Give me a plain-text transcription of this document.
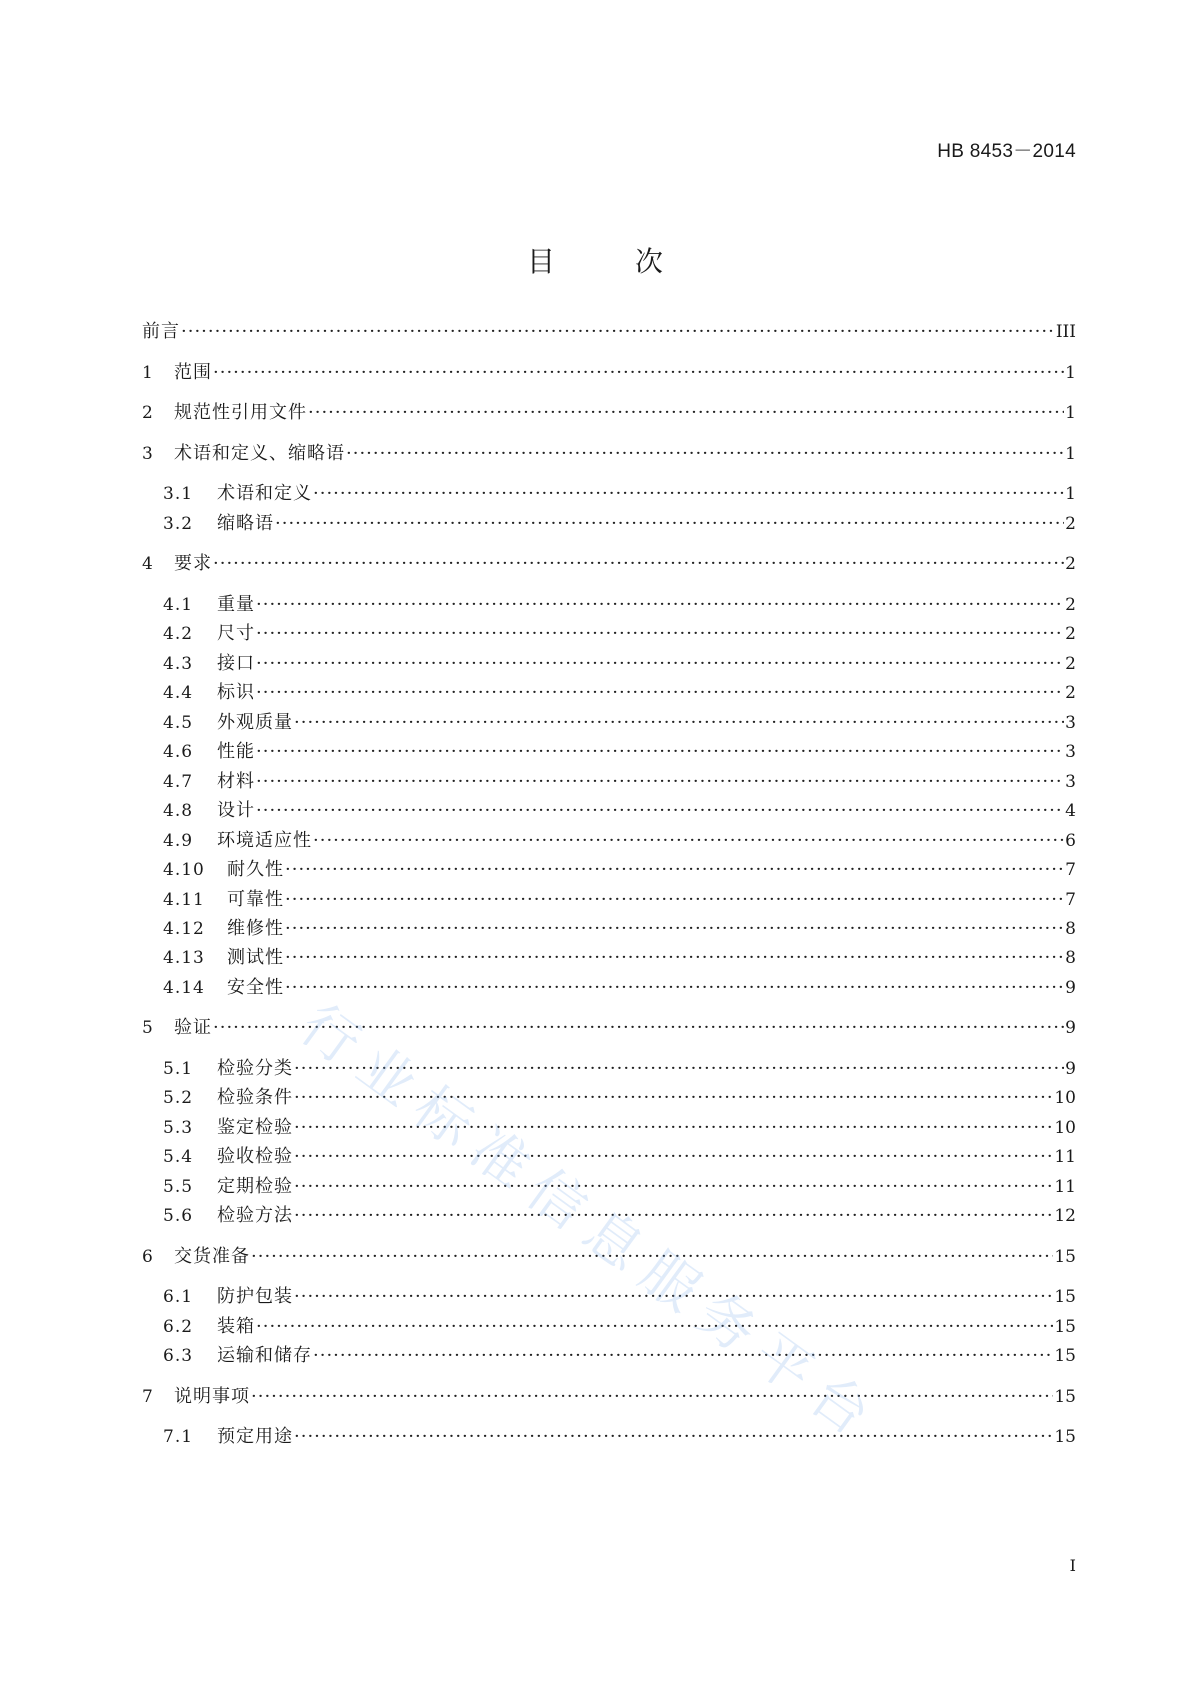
HB 8453－2014
目	次
前言 ·····	III
1	范围 ·····	1
2	规范性引用文件 ·····	1
3	术语和定义、缩略语 ·····	1
3.1	术语和定义 ·····	1
3.2	缩略语 ·····	2
4	要求 ·····	2
4.1	重量 ·····	2
4.2	尺寸 ·····	2
4.3	接口 ·····	2
4.4	标识 ·····	2
4.5	外观质量 ·····	3
4.6	性能 ·····	3
4.7	材料 ·····	3
4.8	设计 ·····	4
4.9	环境适应性 ·····	6
4.10	耐久性 ·····	7
4.11	可靠性 ·····	7
4.12	维修性 ·····	8
4.13	测试性 ·····	8
4.14	安全性 ·····	9
5	验证 ·····	9
5.1	检验分类 ·····	9
5.2	检验条件 ·····	10
5.3	鉴定检验 ·····	10
5.4	验收检验 ·····	11
5.5	定期检验 ·····	11
5.6	检验方法 ·····	12
6	交货准备 ·····	15
6.1	防护包装 ·····	15
6.2	装箱 ·····	15
6.3	运输和储存 ·····	15
7	说明事项 ·····	15
7.1	预定用途 ·····	15
I
行业标准信息服务平台
